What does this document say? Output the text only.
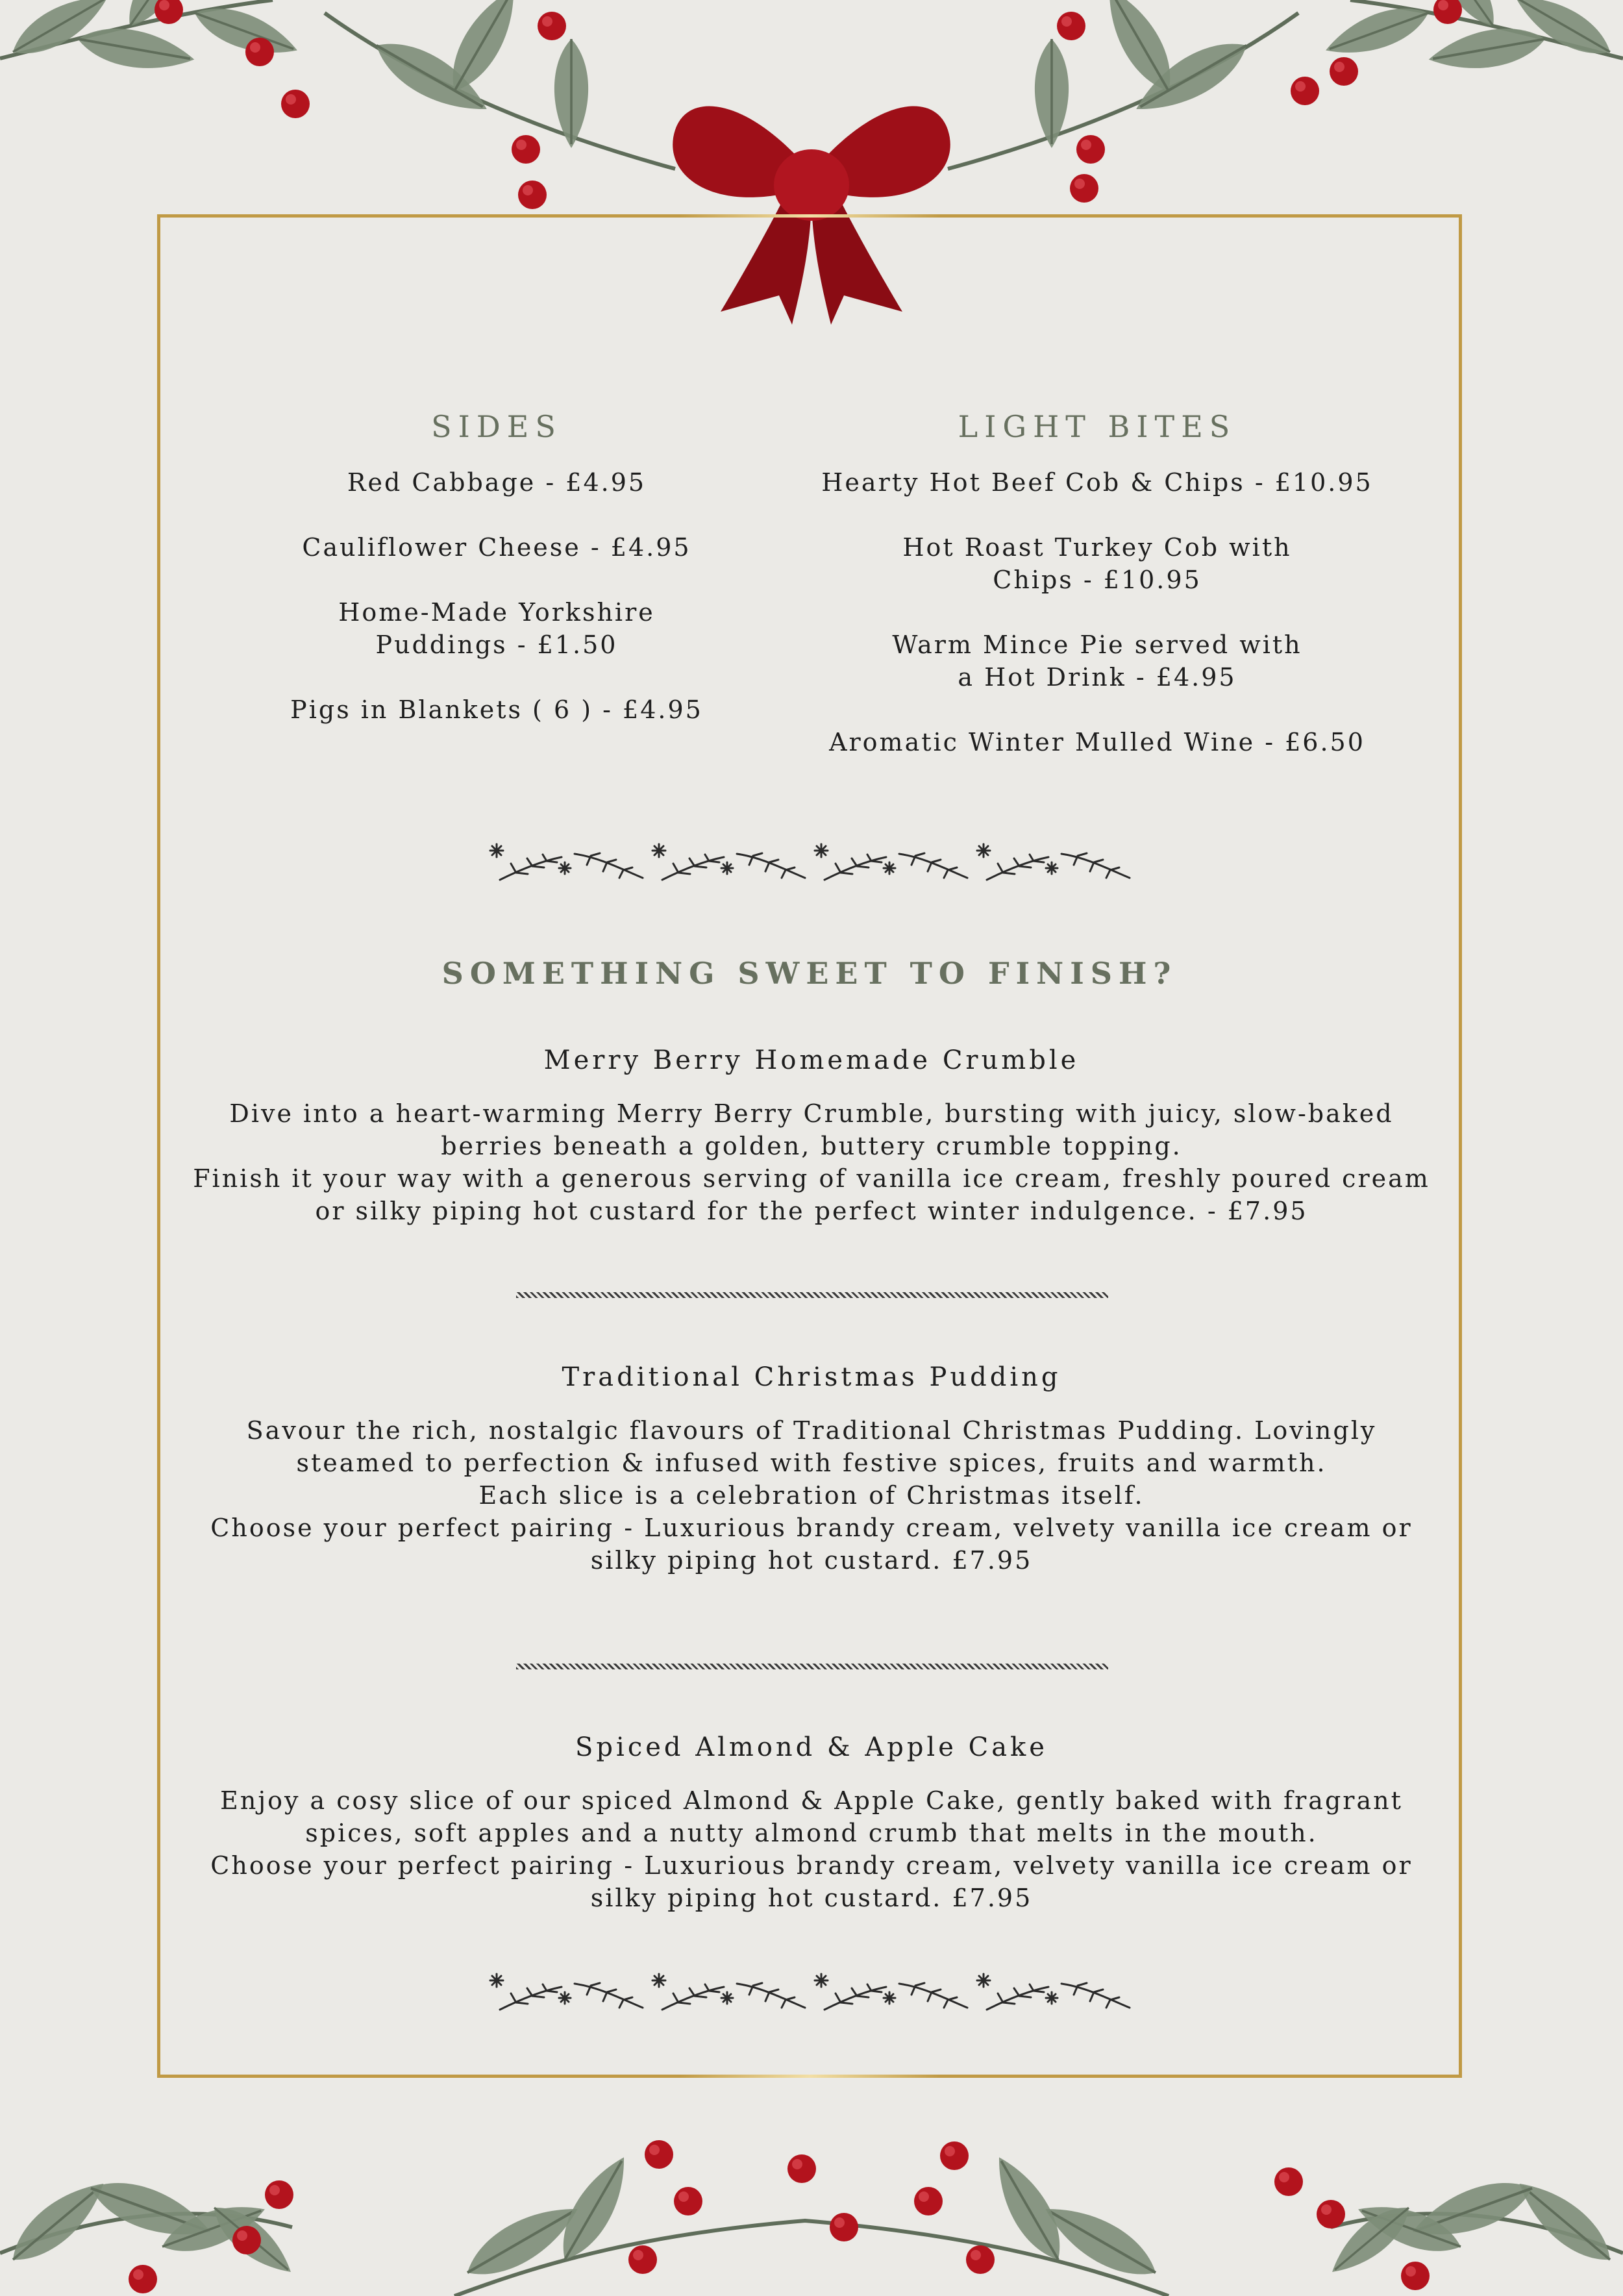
SIDES

Red Cabbage - £4.95

Cauliflower Cheese - £4.95

Home-Made Yorkshire Puddings - £1.50

Pigs in Blankets ( 6 ) - £4.95

LIGHT BITES

Hearty Hot Beef Cob & Chips - £10.95

Hot Roast Turkey Cob with Chips - £10.95

Warm Mince Pie served with a Hot Drink - £4.95

Aromatic Winter Mulled Wine - £6.50

SOMETHING SWEET TO FINISH?

Merry Berry Homemade Crumble

Dive into a heart-warming Merry Berry Crumble, bursting with juicy, slow-baked
berries beneath a golden, buttery crumble topping.
Finish it your way with a generous serving of vanilla ice cream, freshly poured cream
or silky piping hot custard for the perfect winter indulgence. - £7.95

Traditional Christmas Pudding

Savour the rich, nostalgic flavours of Traditional Christmas Pudding. Lovingly
steamed to perfection & infused with festive spices, fruits and warmth.
Each slice is a celebration of Christmas itself.
Choose your perfect pairing - Luxurious brandy cream, velvety vanilla ice cream or
silky piping hot custard. £7.95

Spiced Almond & Apple Cake

Enjoy a cosy slice of our spiced Almond & Apple Cake, gently baked with fragrant
spices, soft apples and a nutty almond crumb that melts in the mouth.
Choose your perfect pairing - Luxurious brandy cream, velvety vanilla ice cream or
silky piping hot custard. £7.95
